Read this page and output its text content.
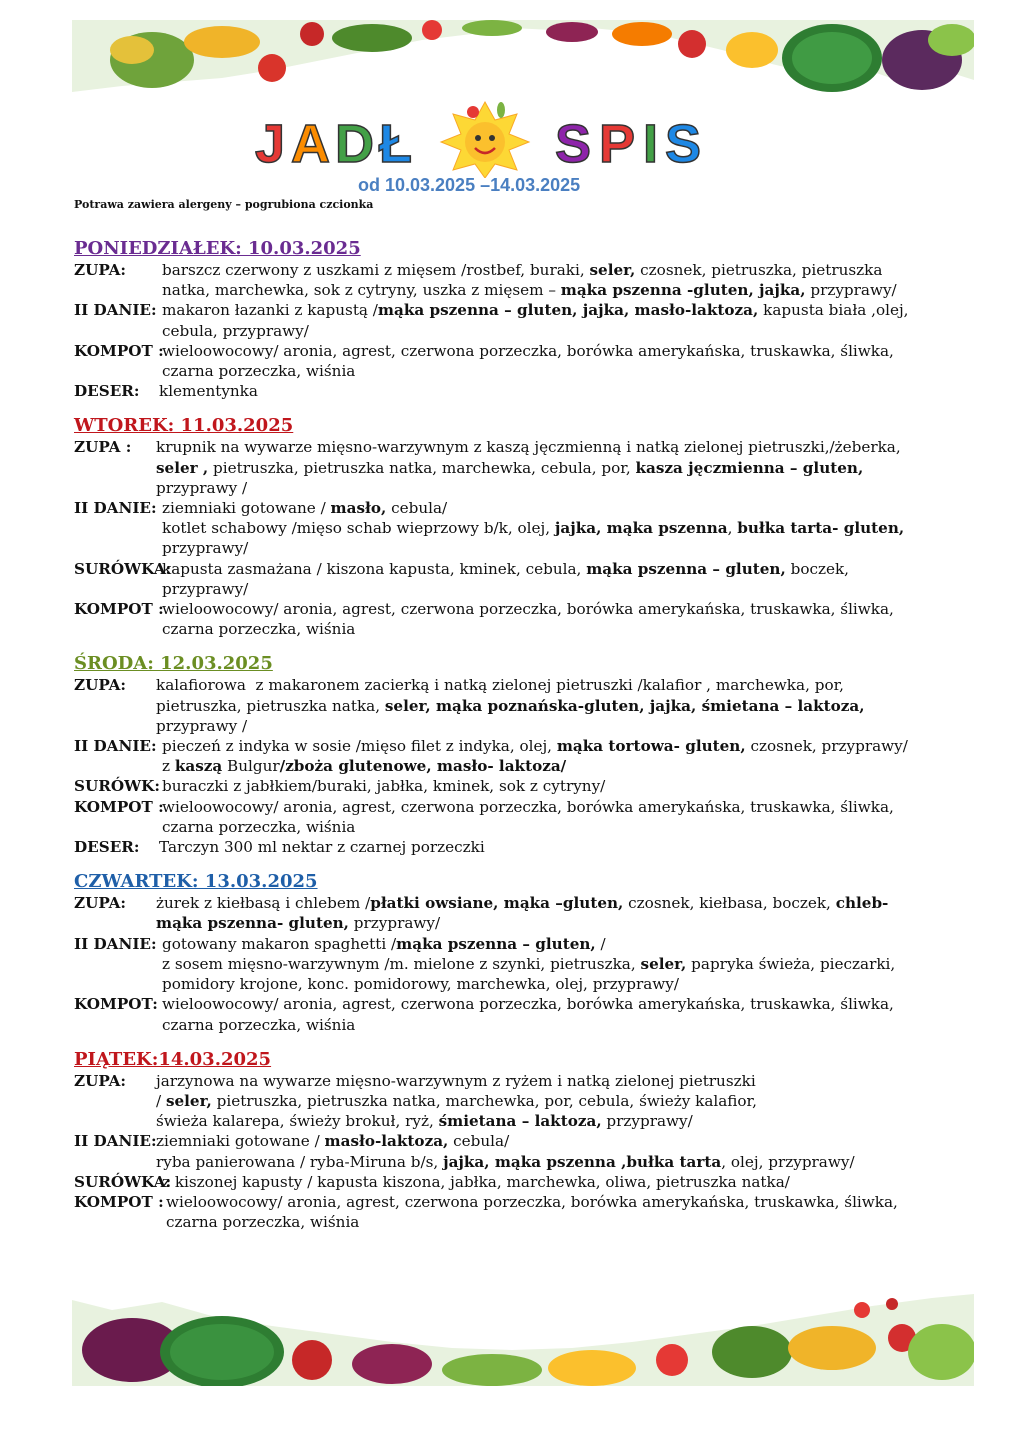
J A D Ł	S P I S
od 10.03.2025 –14.03.2025
Potrawa zawiera alergeny – pogrubiona czcionka
PONIEDZIAŁEK: 10.03.2025
ZUPA:	barszcz czerwony z uszkami z mięsem /rostbef, buraki, seler, czosnek, pietruszka, pietruszka
natka, marchewka, sok z cytryny, uszka z mięsem – mąka pszenna -gluten, jajka, przyprawy/
II DANIE: makaron łazanki z kapustą /mąka pszenna – gluten, jajka, masło-laktoza, kapusta biała ,olej,
cebula, przyprawy/
KOMPOT :
wieloowocowy/ aronia, agrest, czerwona porzeczka, borówka amerykańska, truskawka, śliwka,
czarna porzeczka, wiśnia
DESER:	klementynka
WTOREK: 11.03.2025
ZUPA :	krupnik na wywarze mięsno-warzywnym z kaszą jęczmienną i natką zielonej pietruszki,/żeberka,
seler , pietruszka, pietruszka natka, marchewka, cebula, por, kasza jęczmienna – gluten,
przyprawy /
II DANIE: ziemniaki gotowane / masło, cebula/
kotlet schabowy /mięso schab wieprzowy b/k, olej, jajka, mąka pszenna, bułka tarta- gluten,
przyprawy/
SURÓWKA:
kapusta zasmażana / kiszona kapusta, kminek, cebula, mąka pszenna – gluten, boczek,
przyprawy/
KOMPOT :
wieloowocowy/ aronia, agrest, czerwona porzeczka, borówka amerykańska, truskawka, śliwka,
czarna porzeczka, wiśnia
ŚRODA: 12.03.2025
ZUPA:	kalafiorowa  z makaronem zacierką i natką zielonej pietruszki /kalafior , marchewka, por,
pietruszka, pietruszka natka, seler, mąka poznańska-gluten, jajka, śmietana – laktoza,
przyprawy /
II DANIE: pieczeń z indyka w sosie /mięso filet z indyka, olej, mąka tortowa- gluten, czosnek, przyprawy/
z kaszą Bulgur/zboża glutenowe, masło- laktoza/
SURÓWK: buraczki z jabłkiem/buraki, jabłka, kminek, sok z cytryny/
KOMPOT :
wieloowocowy/ aronia, agrest, czerwona porzeczka, borówka amerykańska, truskawka, śliwka,
czarna porzeczka, wiśnia
DESER:	Tarczyn 300 ml nektar z czarnej porzeczki
CZWARTEK: 13.03.2025
ZUPA:	żurek z kiełbasą i chlebem /płatki owsiane, mąka –gluten, czosnek, kiełbasa, boczek, chleb-
mąka pszenna- gluten, przyprawy/
II DANIE: gotowany makaron spaghetti /mąka pszenna – gluten, /
z sosem mięsno-warzywnym /m. mielone z szynki, pietruszka, seler, papryka świeża, pieczarki,
pomidory krojone, konc. pomidorowy, marchewka, olej, przyprawy/
KOMPOT: wieloowocowy/ aronia, agrest, czerwona porzeczka, borówka amerykańska, truskawka, śliwka,
czarna porzeczka, wiśnia
PIĄTEK:14.03.2025
ZUPA:	jarzynowa na wywarze mięsno-warzywnym z ryżem i natką zielonej pietruszki
/ seler, pietruszka, pietruszka natka, marchewka, por, cebula, świeży kalafior,
świeża kalarepa, świeży brokuł, ryż, śmietana – laktoza, przyprawy/
II DANIE: ziemniaki gotowane / masło-laktoza, cebula/
ryba panierowana / ryba-Miruna b/s, jajka, mąka pszenna ,bułka tarta, olej, przyprawy/
SURÓWKA:
z kiszonej kapusty / kapusta kiszona, jabłka, marchewka, oliwa, pietruszka natka/
KOMPOT : wieloowocowy/ aronia, agrest, czerwona porzeczka, borówka amerykańska, truskawka, śliwka,
czarna porzeczka, wiśnia
